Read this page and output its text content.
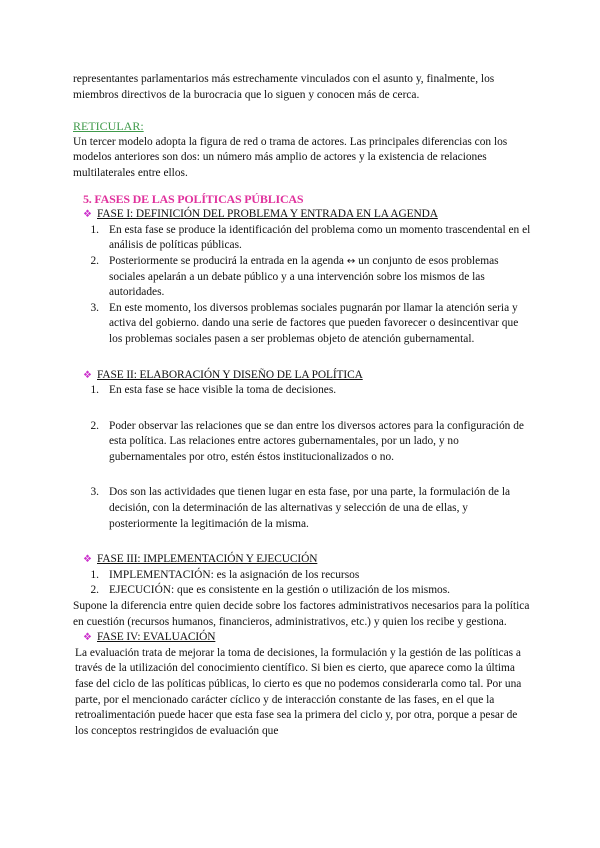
representantes parlamentarios más estrechamente vinculados con el asunto y, finalmente, los miembros directivos de la burocracia que lo siguen y conocen más de cerca.

RETICULAR:

Un tercer modelo adopta la figura de red o trama de actores. Las principales diferencias con los modelos anteriores son dos: un número más amplio de actores y la existencia de relaciones multilaterales entre ellos.

5. FASES DE LAS POLÍTICAS PÚBLICAS

❖ FASE I: DEFINICIÓN DEL PROBLEMA Y ENTRADA EN LA AGENDA
1. En esta fase se produce la identificación del problema como un momento trascendental en el análisis de políticas públicas.
2. Posteriormente se producirá la entrada en la agenda ↔ un conjunto de esos problemas sociales apelarán a un debate público y a una intervención sobre los mismos de las autoridades.
3. En este momento, los diversos problemas sociales pugnarán por llamar la atención seria y activa del gobierno. dando una serie de factores que pueden favorecer o desincentivar que los problemas sociales pasen a ser problemas objeto de atención gubernamental.
❖ FASE II: ELABORACIÓN Y DISEÑO DE LA POLÍTICA
1. En esta fase se hace visible la toma de decisiones.
2. Poder observar las relaciones que se dan entre los diversos actores para la configuración de esta política. Las relaciones entre actores gubernamentales, por un lado, y no gubernamentales por otro, estén éstos institucionalizados o no.
3. Dos son las actividades que tienen lugar en esta fase, por una parte, la formulación de la decisión, con la determinación de las alternativas y selección de una de ellas, y posteriormente la legitimación de la misma.
❖ FASE III: IMPLEMENTACIÓN Y EJECUCIÓN
1. IMPLEMENTACIÓN: es la asignación de los recursos
2. EJECUCIÓN: que es consistente en la gestión o utilización de los mismos.

Supone la diferencia entre quien decide sobre los factores administrativos necesarios para la política en cuestión (recursos humanos, financieros, administrativos, etc.) y quien los recibe y gestiona.

❖ FASE IV: EVALUACIÓN

La evaluación trata de mejorar la toma de decisiones, la formulación y la gestión de las políticas a través de la utilización del conocimiento científico. Si bien es cierto, que aparece como la última fase del ciclo de las políticas públicas, lo cierto es que no podemos considerarla como tal. Por una parte, por el mencionado carácter cíclico y de interacción constante de las fases, en el que la retroalimentación puede hacer que esta fase sea la primera del ciclo y, por otra, porque a pesar de los conceptos restringidos de evaluación que
